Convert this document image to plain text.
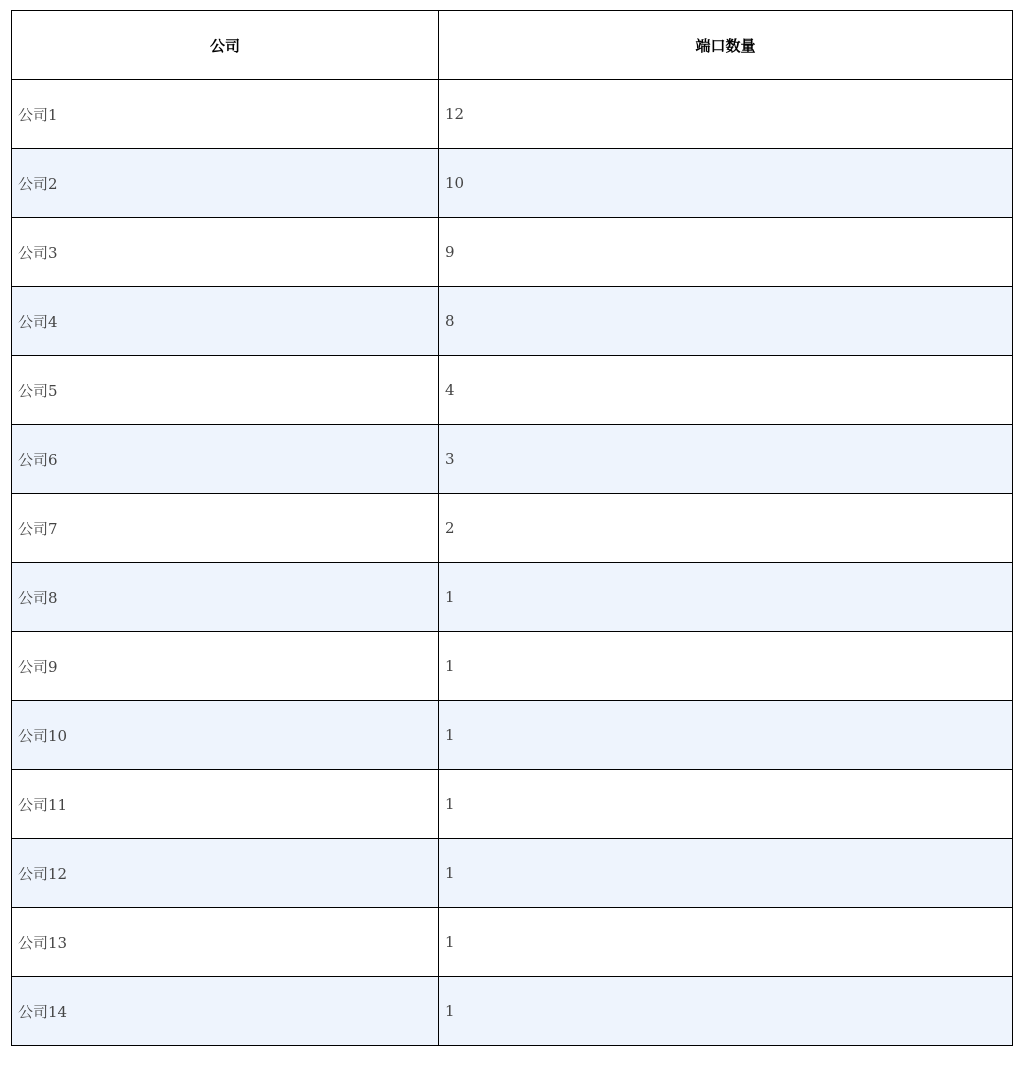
公司	端口数量
公司1	12
公司2	10
公司3	9
公司4	8
公司5	4
公司6	3
公司7	2
公司8	1
公司9	1
公司10	1
公司11	1
公司12	1
公司13	1
公司14	1
